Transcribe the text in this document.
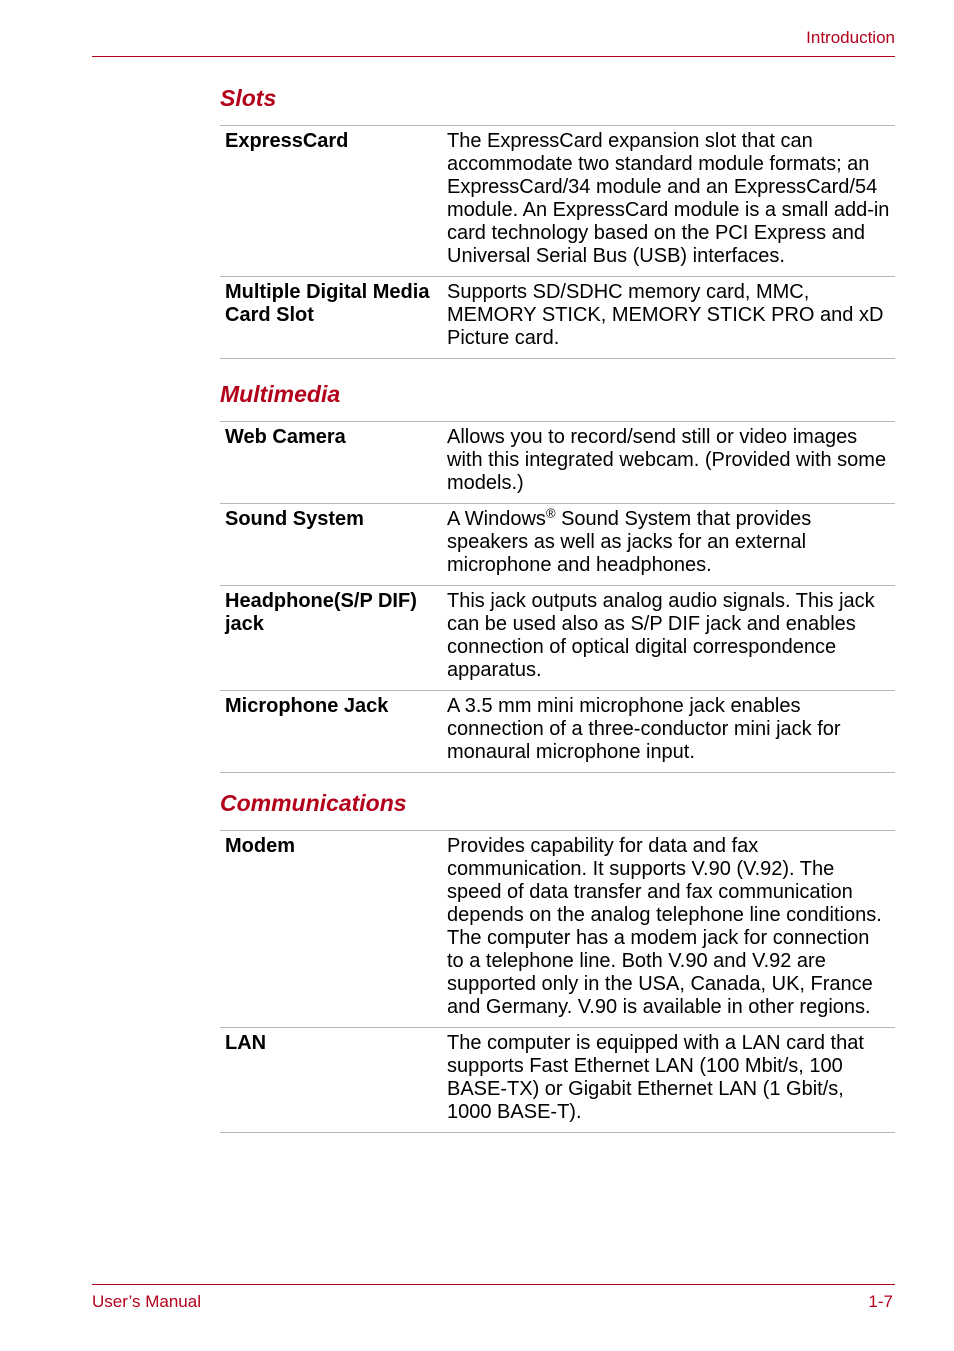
Introduction
Slots
ExpressCard	The ExpressCard expansion slot that can accommodate two standard module formats; an ExpressCard/34 module and an ExpressCard/54 module. An ExpressCard module is a small add-in card technology based on the PCI Express and Universal Serial Bus (USB) interfaces.
Multiple Digital Media Card Slot	Supports SD/SDHC memory card, MMC, MEMORY STICK, MEMORY STICK PRO and xD Picture card.
Multimedia
Web Camera	Allows you to record/send still or video images with this integrated webcam. (Provided with some models.)
Sound System	A Windows® Sound System that provides speakers as well as jacks for an external microphone and headphones.
Headphone(S/P DIF) jack	This jack outputs analog audio signals. This jack can be used also as S/P DIF jack and enables connection of optical digital correspondence apparatus.
Microphone Jack	A 3.5 mm mini microphone jack enables connection of a three-conductor mini jack for monaural microphone input.
Communications
Modem	Provides capability for data and fax communication. It supports V.90 (V.92). The speed of data transfer and fax communication depends on the analog telephone line conditions. The computer has a modem jack for connection to a telephone line. Both V.90 and V.92 are supported only in the USA, Canada, UK, France and Germany. V.90 is available in other regions.
LAN	The computer is equipped with a LAN card that supports Fast Ethernet LAN (100 Mbit/s, 100 BASE-TX) or Gigabit Ethernet LAN (1 Gbit/s, 1000 BASE-T).
User’s Manual	1-7
